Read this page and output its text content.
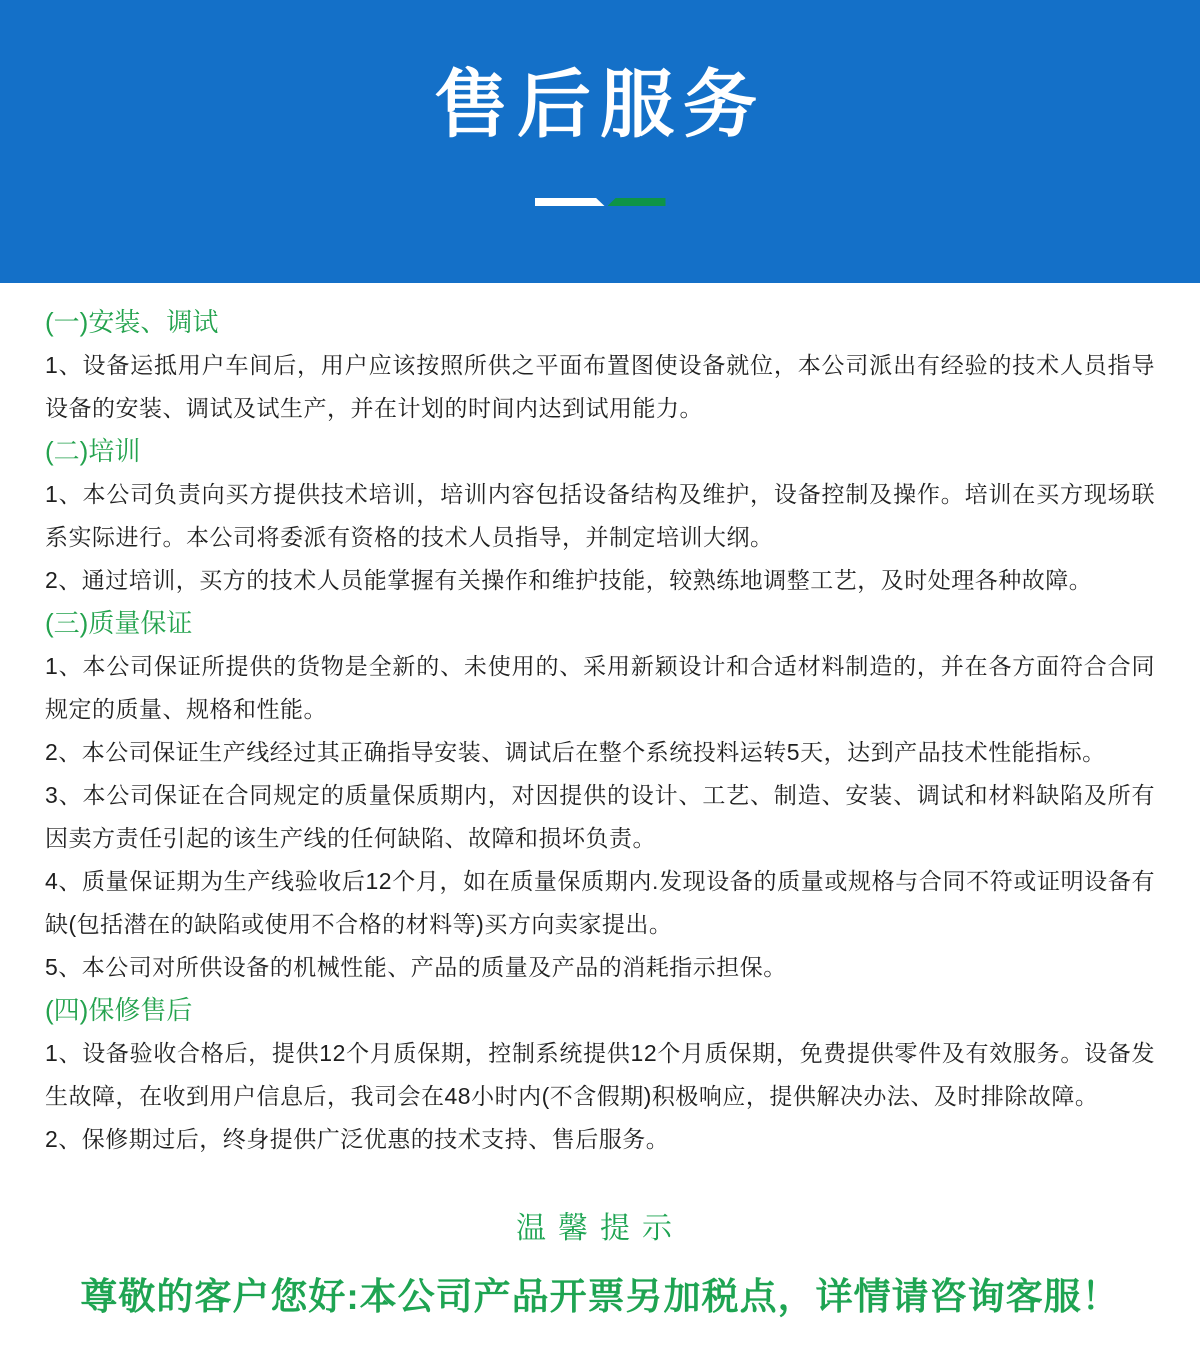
售后服务
(一)安装、调试

1、设备运抵用户车间后，用户应该按照所供之平面布置图使设备就位，本公司派出有经验的技术人员指导设备的安装、调试及试生产，并在计划的时间内达到试用能力。

(二)培训

1、本公司负责向买方提供技术培训，培训内容包括设备结构及维护，设备控制及操作。培训在买方现场联系实际进行。本公司将委派有资格的技术人员指导，并制定培训大纲。

2、通过培训，买方的技术人员能掌握有关操作和维护技能，较熟练地调整工艺，及时处理各种故障。

(三)质量保证

1、本公司保证所提供的货物是全新的、未使用的、采用新颖设计和合适材料制造的，并在各方面符合合同规定的质量、规格和性能。

2、本公司保证生产线经过其正确指导安装、调试后在整个系统投料运转5天，达到产品技术性能指标。

3、本公司保证在合同规定的质量保质期内，对因提供的设计、工艺、制造、安装、调试和材料缺陷及所有因卖方责任引起的该生产线的任何缺陷、故障和损坏负责。

4、质量保证期为生产线验收后12个月，如在质量保质期内.发现设备的质量或规格与合同不符或证明设备有缺(包括潜在的缺陷或使用不合格的材料等)买方向卖家提出。

5、本公司对所供设备的机械性能、产品的质量及产品的消耗指示担保。

(四)保修售后

1、设备验收合格后，提供12个月质保期，控制系统提供12个月质保期，免费提供零件及有效服务。设备发生故障，在收到用户信息后，我司会在48小时内(不含假期)积极响应，提供解决办法、及时排除故障。

2、保修期过后，终身提供广泛优惠的技术支持、售后服务。

温馨提示
尊敬的客户您好:本公司产品开票另加税点，详情请咨询客服！
